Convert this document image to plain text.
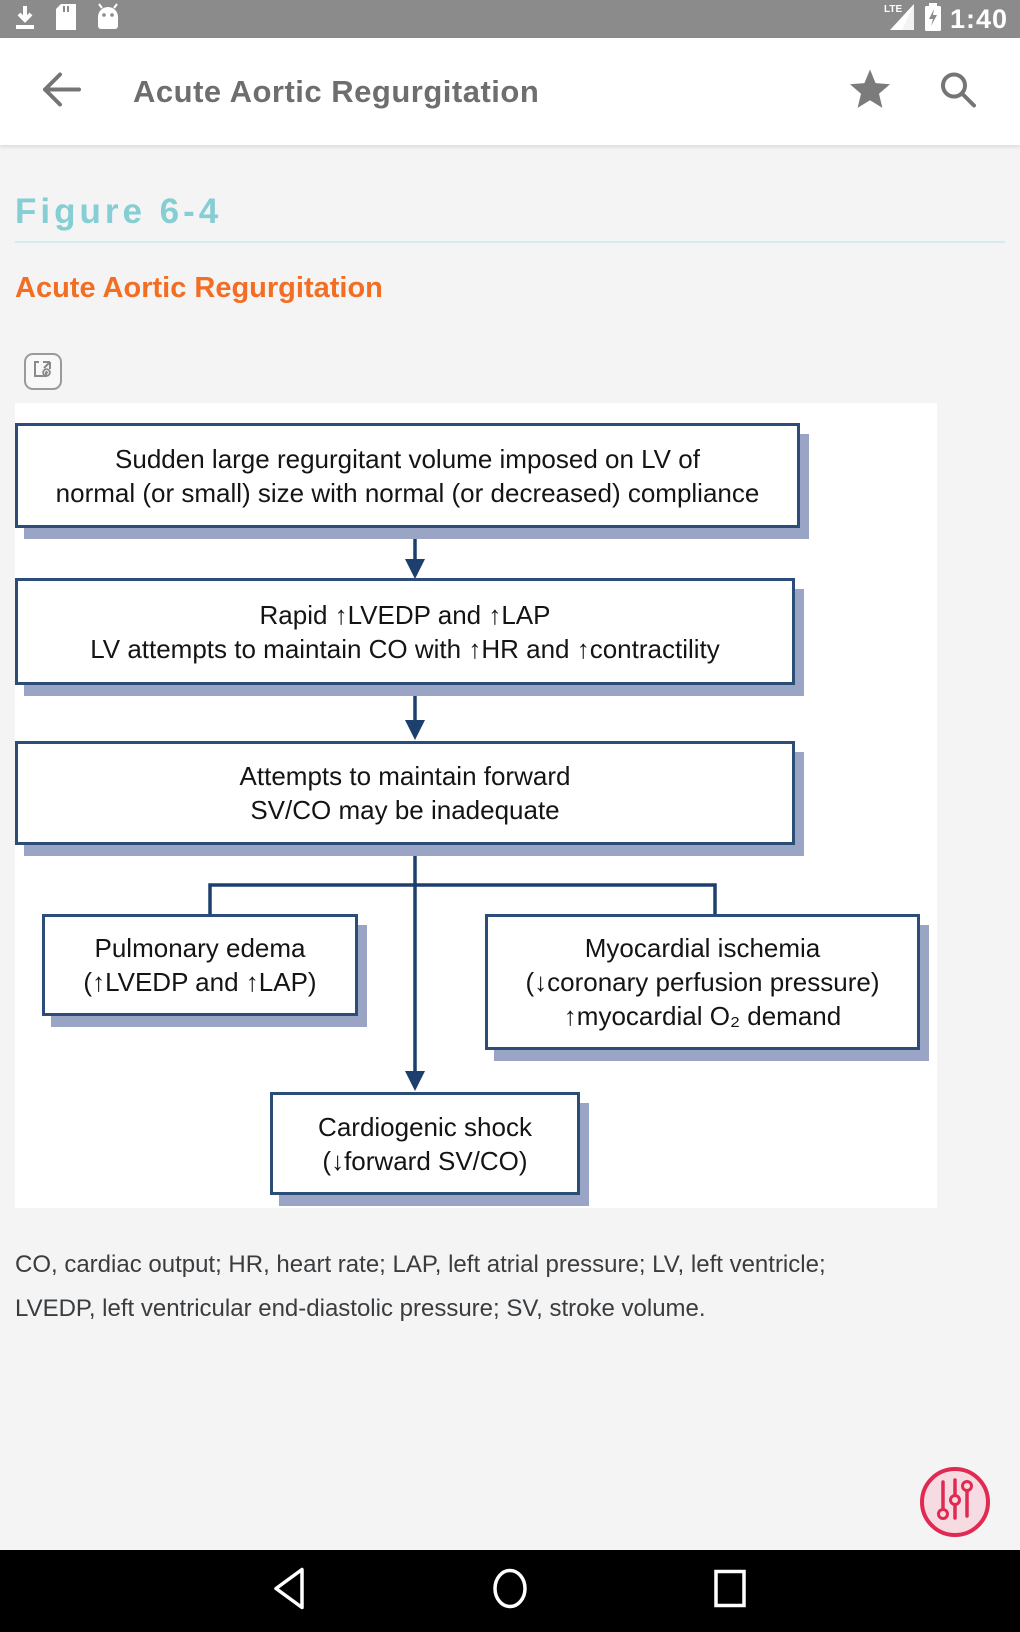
LTE 1:40
Acute Aortic Regurgitation
Figure 6-4
Acute Aortic Regurgitation
Sudden large regurgitant volume imposed on LV of
normal (or small) size with normal (or decreased) compliance
Rapid ↑LVEDP and ↑LAP
LV attempts to maintain CO with ↑HR and ↑contractility
Attempts to maintain forward
SV/CO may be inadequate
Pulmonary edema
(↑LVEDP and ↑LAP)
Myocardial ischemia
(↓coronary perfusion pressure)
↑myocardial O₂ demand
Cardiogenic shock
(↓forward SV/CO)
CO, cardiac output; HR, heart rate; LAP, left atrial pressure; LV, left ventricle;
LVEDP, left ventricular end-diastolic pressure; SV, stroke volume.
